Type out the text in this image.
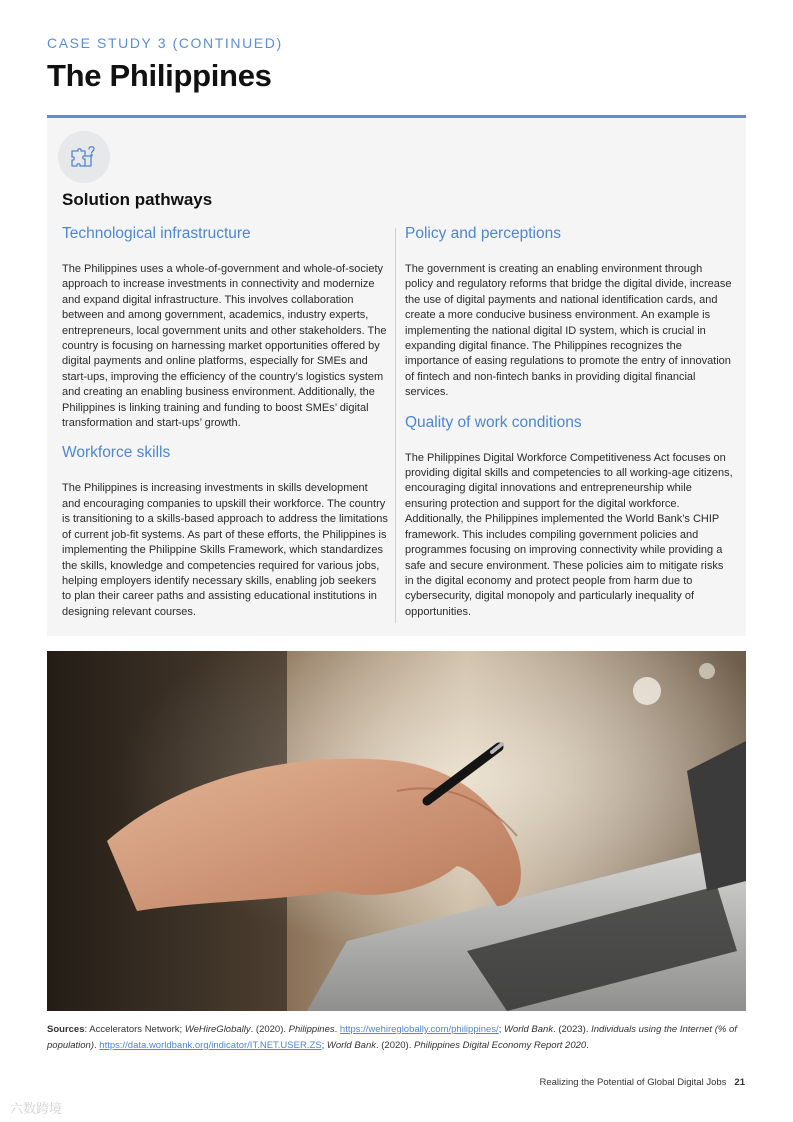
CASE STUDY 3 (CONTINUED)
The Philippines
Solution pathways
Technological infrastructure

The Philippines uses a whole-of-government and whole-of-society approach to increase investments in connectivity and modernize and expand digital infrastructure. This involves collaboration between and among government, academics, industry experts, entrepreneurs, local government units and other stakeholders. The country is focusing on harnessing market opportunities offered by digital payments and online platforms, especially for SMEs and start-ups, improving the efficiency of the country’s logistics system and creating an enabling business environment. Additionally, the Philippines is linking training and funding to boost SMEs’ digital transformation and start-ups’ growth.

Workforce skills

The Philippines is increasing investments in skills development and encouraging companies to upskill their workforce. The country is transitioning to a skills-based approach to address the limitations of current job-fit systems. As part of these efforts, the Philippines is implementing the Philippine Skills Framework, which standardizes the skills, knowledge and competencies required for various jobs, helping employers identify necessary skills, enabling job seekers to plan their career paths and assisting educational institutions in designing relevant courses.

Policy and perceptions

The government is creating an enabling environment through policy and regulatory reforms that bridge the digital divide, increase the use of digital payments and national identification cards, and create a more conducive business environment. An example is implementing the national digital ID system, which is crucial in expanding digital finance. The Philippines recognizes the importance of easing regulations to promote the entry of innovation of fintech and non-fintech banks in providing digital financial services.

Quality of work conditions

The Philippines Digital Workforce Competitiveness Act focuses on providing digital skills and competencies to all working-age citizens, encouraging digital innovations and entrepreneurship while ensuring protection and support for the digital workforce. Additionally, the Philippines implemented the World Bank’s CHIP framework. This includes compiling government policies and programmes focusing on improving connectivity while providing a safe and secure environment. These policies aim to mitigate risks in the digital economy and protect people from harm due to cybersecurity, digital monopoly and particularly inequality of opportunities.

Sources: Accelerators Network; WeHireGlobally. (2020). Philippines. https://wehireglobally.com/philippines/; World Bank. (2023). Individuals using the Internet (% of population). https://data.worldbank.org/indicator/IT.NET.USER.ZS; World Bank. (2020). Philippines Digital Economy Report 2020.
Realizing the Potential of Global Digital Jobs 21
六数跨境
